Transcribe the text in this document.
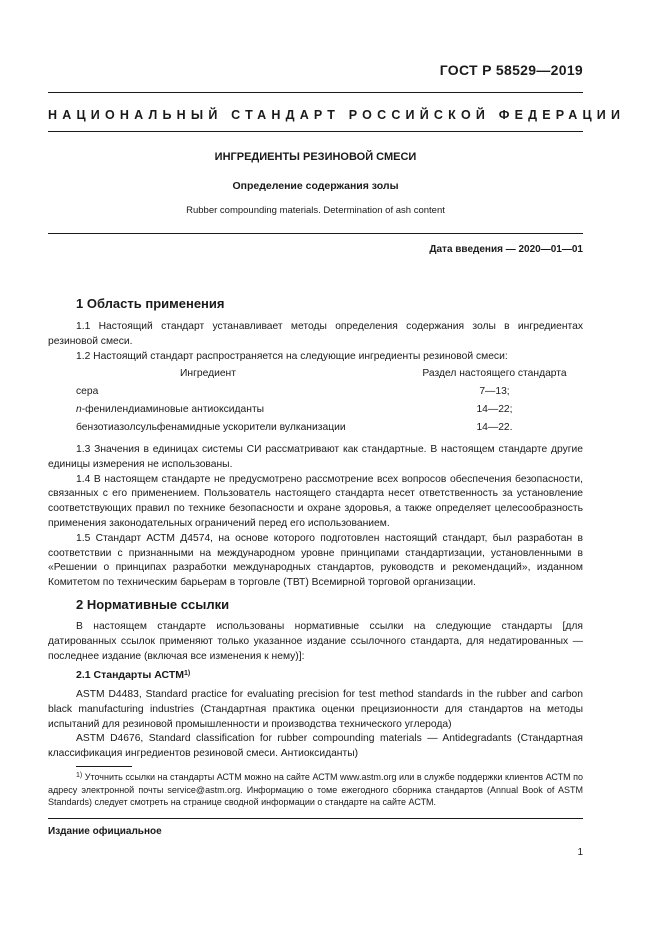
ГОСТ Р 58529—2019
НАЦИОНАЛЬНЫЙ СТАНДАРТ РОССИЙСКОЙ ФЕДЕРАЦИИ
ИНГРЕДИЕНТЫ РЕЗИНОВОЙ СМЕСИ
Определение содержания золы
Rubber compounding materials. Determination of ash content
Дата введения — 2020—01—01
1 Область применения

1.1 Настоящий стандарт устанавливает методы определения содержания золы в ингредиентах резиновой смеси.

1.2 Настоящий стандарт распространяется на следующие ингредиенты резиновой смеси:

Ингредиент	Раздел настоящего стандарта
сера	7—13;
n-фенилендиаминовые антиоксиданты	14—22;
бензотиазолсульфенамидные ускорители вулканизации	14—22.

1.3 Значения в единицах системы СИ рассматривают как стандартные. В настоящем стандарте другие единицы измерения не использованы.

1.4 В настоящем стандарте не предусмотрено рассмотрение всех вопросов обеспечения безопасности, связанных с его применением. Пользователь настоящего стандарта несет ответственность за установление соответствующих правил по технике безопасности и охране здоровья, а также определяет целесообразность применения законодательных ограничений перед его использованием.

1.5 Стандарт АСТМ Д4574, на основе которого подготовлен настоящий стандарт, был разработан в соответствии с признанными на международном уровне принципами стандартизации, установленными в «Решении о принципах разработки международных стандартов, руководств и рекомендаций», изданном Комитетом по техническим барьерам в торговле (ТВТ) Всемирной торговой организации.

2 Нормативные ссылки

В настоящем стандарте использованы нормативные ссылки на следующие стандарты [для датированных ссылок применяют только указанное издание ссылочного стандарта, для недатированных — последнее издание (включая все изменения к нему)]:

2.1 Стандарты АСТМ$^{1)}$

ASTM D4483, Standard practice for evaluating precision for test method standards in the rubber and carbon black manufacturing industries (Стандартная практика оценки прецизионности для стандартов на методы испытаний для резиновой промышленности и производства технического углерода)

ASTM D4676, Standard classification for rubber compounding materials — Antidegradants (Стандартная классификация ингредиентов резиновой смеси. Антиоксиданты)

$^{1)}$ Уточнить ссылки на стандарты АСТМ можно на сайте АСТМ www.astm.org или в службе поддержки клиентов АСТМ по адресу электронной почты service@astm.org. Информацию о томе ежегодного сборника стандартов (Annual Book of ASTM Standards) следует смотреть на странице сводной информации о стандарте на сайте АСТМ.

Издание официальное
1
